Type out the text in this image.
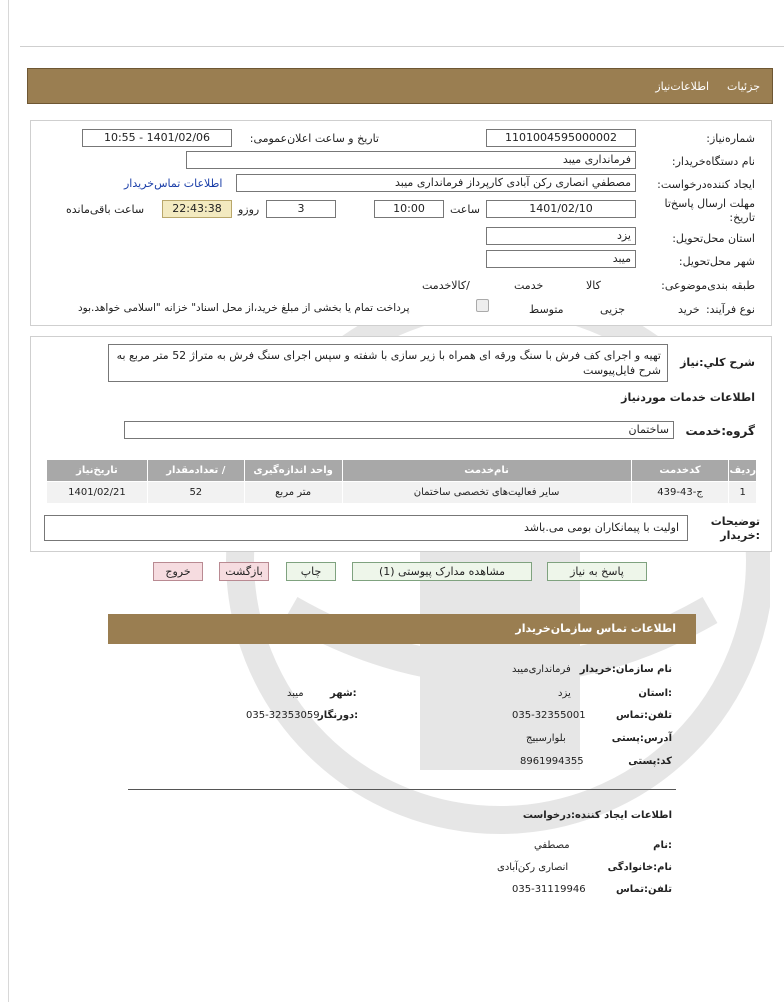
جزئیات
اطلاعات‌نیاز
شماره‌نیاز:
1101004595000002
تاریخ و ساعت اعلان‌عمومی:
1401/02/06 - 10:55
نام دستگاه‌خریدار:
فرمانداری میبد
ایجاد کننده‌درخواست:
مصطفي انصاری رکن آبادی کارپرداز فرمانداری میبد
اطلاعات تماس‌خریدار
مهلت ارسال پاسخ‌تا تاریخ:
1401/02/10
ساعت
10:00
3
روزو
22:43:38
ساعت باقی‌مانده
استان محل‌تحویل:
یزد
شهر محل‌تحویل:
میبد
طبقه بندی‌موضوعی:

کالا

خدمت

/کالاخدمت
نوع فرآیند:
خرید

جزیی
متوسط
پرداخت تمام یا بخشی از مبلغ خرید،از محل اسناد" خزانه "اسلامی خواهد.بود
شرح کلي:نیاز
تهیه و اجرای کف فرش با سنگ ورقه ای همراه با زیر سازی با شفته و سپس اجرای سنگ فرش به متراژ 52 متر مربع به شرح فایل‌پیوست
اطلاعات خدمات موردنیاز
گروه:خدمت
ساختمان
ردیف	کدخدمت	نام‌خدمت	واحد اندازه‌گیری	/ تعدادمقدار	تاریخ‌نیاز
1	ج-43-439	سایر فعالیت‌های تخصصی ساختمان	متر مربع	52	1401/02/21
توضیحات :خریدار
اولیت با پیمانکاران بومی می.باشد
پاسخ به نیاز
مشاهده مدارک پیوستی (1)
چاپ
بازگشت
خروج
اطلاعات تماس سازمان‌خریدار
نام سازمان:خریدار
فرمانداری‌میبد
:استان
یزد
:شهر
میبد
تلفن:تماس
035-32355001
:دورنگار
035-32353059
آدرس:پستی
بلوارسبیج
کد:پستی
8961994355
اطلاعات ایجاد کننده:درخواست
:نام
مصطفي
نام:خانوادگی
انصاری رکن‌آبادی
تلفن:تماس
035-31119946
